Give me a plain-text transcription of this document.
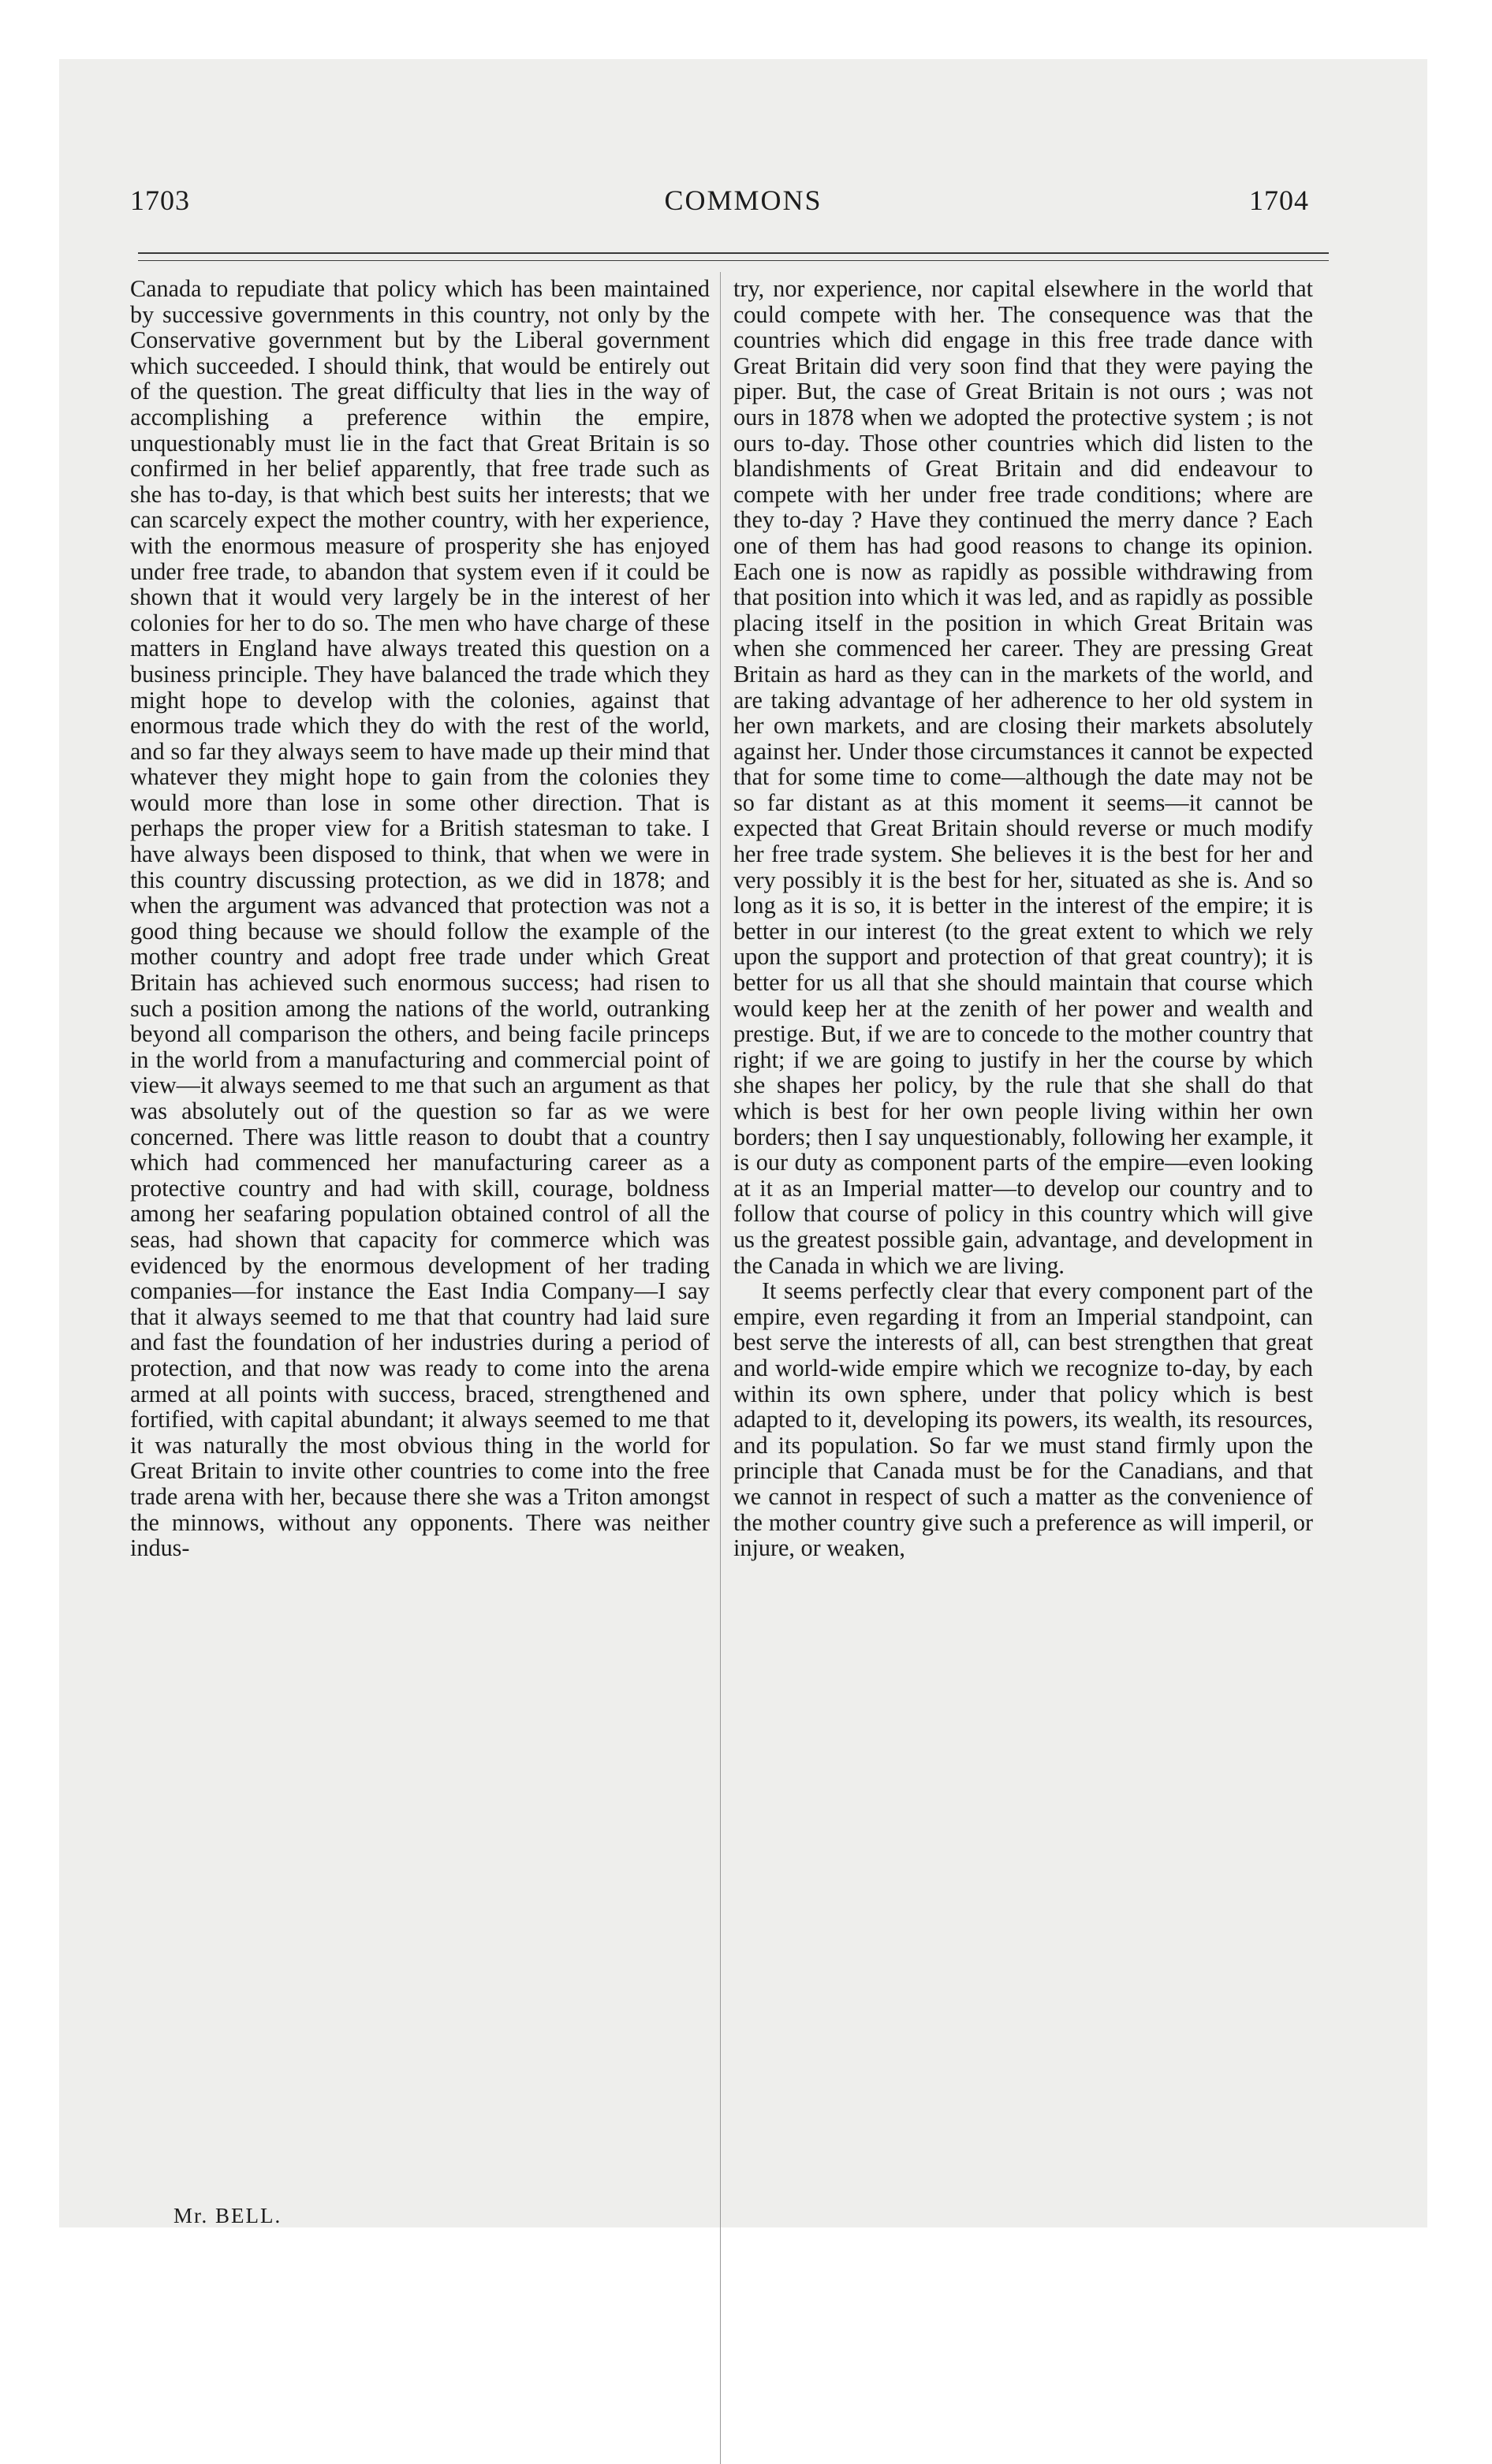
1703	COMMONS	1704

Canada to repudiate that policy which has been maintained by successive governments in this country, not only by the Conservative government but by the Liberal government which succeeded. I should think, that would be entirely out of the question. The great difficulty that lies in the way of accomplishing a preference within the empire, unquestionably must lie in the fact that Great Britain is so confirmed in her belief apparently, that free trade such as she has to-day, is that which best suits her interests; that we can scarcely expect the mother country, with her experience, with the enormous measure of prosperity she has enjoyed under free trade, to abandon that system even if it could be shown that it would very largely be in the interest of her colonies for her to do so. The men who have charge of these matters in England have always treated this question on a business principle. They have balanced the trade which they might hope to develop with the colonies, against that enormous trade which they do with the rest of the world, and so far they always seem to have made up their mind that whatever they might hope to gain from the colonies they would more than lose in some other direction. That is perhaps the proper view for a British statesman to take. I have always been disposed to think, that when we were in this country discussing protection, as we did in 1878; and when the argument was advanced that protection was not a good thing because we should follow the example of the mother country and adopt free trade under which Great Britain has achieved such enormous success; had risen to such a position among the nations of the world, outranking beyond all comparison the others, and being facile princeps in the world from a manufacturing and commercial point of view—it always seemed to me that such an argument as that was absolutely out of the question so far as we were concerned. There was little reason to doubt that a country which had commenced her manufacturing career as a protective country and had with skill, courage, boldness among her seafaring population obtained control of all the seas, had shown that capacity for commerce which was evidenced by the enormous development of her trading companies—for instance the East India Company—I say that it always seemed to me that that country had laid sure and fast the foundation of her industries during a period of protection, and that now was ready to come into the arena armed at all points with success, braced, strengthened and fortified, with capital abundant; it always seemed to me that it was naturally the most obvious thing in the world for Great Britain to invite other countries to come into the free trade arena with her, because there she was a Triton amongst the minnows, without any opponents. There was neither indus-

try, nor experience, nor capital elsewhere in the world that could compete with her. The consequence was that the countries which did engage in this free trade dance with Great Britain did very soon find that they were paying the piper. But, the case of Great Britain is not ours ; was not ours in 1878 when we adopted the protective system ; is not ours to-day. Those other countries which did listen to the blandishments of Great Britain and did endeavour to compete with her under free trade conditions; where are they to-day ? Have they continued the merry dance ? Each one of them has had good reasons to change its opinion. Each one is now as rapidly as possible withdrawing from that position into which it was led, and as rapidly as possible placing itself in the position in which Great Britain was when she commenced her career. They are pressing Great Britain as hard as they can in the markets of the world, and are taking advantage of her adherence to her old system in her own markets, and are closing their markets absolutely against her. Under those circumstances it cannot be expected that for some time to come—although the date may not be so far distant as at this moment it seems—it cannot be expected that Great Britain should reverse or much modify her free trade system. She believes it is the best for her and very possibly it is the best for her, situated as she is. And so long as it is so, it is better in the interest of the empire; it is better in our interest (to the great extent to which we rely upon the support and protection of that great country); it is better for us all that she should maintain that course which would keep her at the zenith of her power and wealth and prestige. But, if we are to concede to the mother country that right; if we are going to justify in her the course by which she shapes her policy, by the rule that she shall do that which is best for her own people living within her own borders; then I say unquestionably, following her example, it is our duty as component parts of the empire—even looking at it as an Imperial matter—to develop our country and to follow that course of policy in this country which will give us the greatest possible gain, advantage, and development in the Canada in which we are living.

It seems perfectly clear that every component part of the empire, even regarding it from an Imperial standpoint, can best serve the interests of all, can best strengthen that great and world-wide empire which we recognize to-day, by each within its own sphere, under that policy which is best adapted to it, developing its powers, its wealth, its resources, and its population. So far we must stand firmly upon the principle that Canada must be for the Canadians, and that we cannot in respect of such a matter as the convenience of the mother country give such a preference as will imperil, or injure, or weaken,

Mr. BELL.
